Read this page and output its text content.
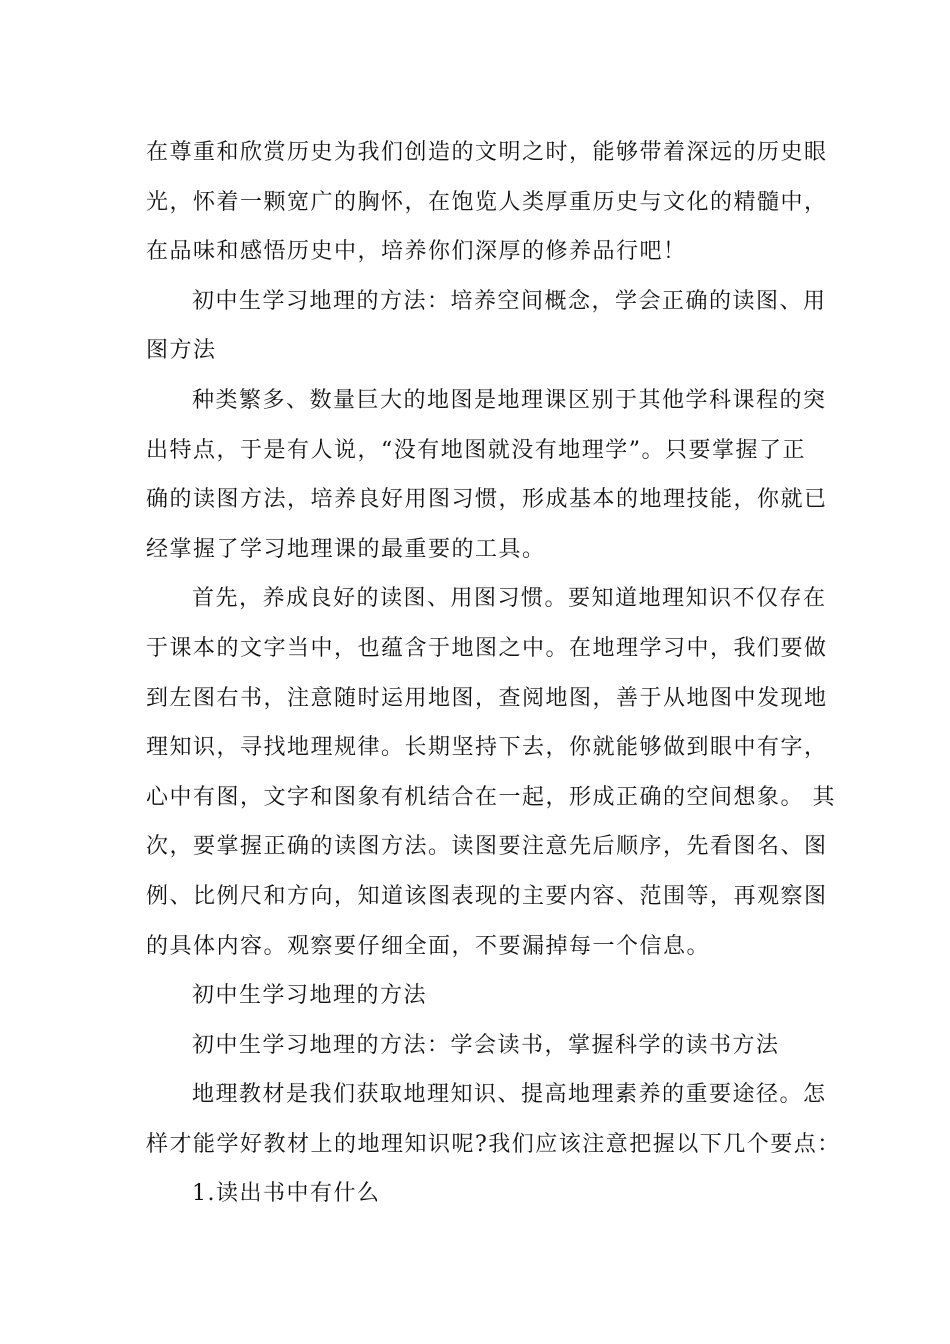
在尊重和欣赏历史为我们创造的文明之时，能够带着深远的历史眼
光，怀着一颗宽广的胸怀，在饱览人类厚重历史与文化的精髓中，
在品味和感悟历史中，培养你们深厚的修养品行吧！

初中生学习地理的方法：培养空间概念，学会正确的读图、用
图方法

种类繁多、数量巨大的地图是地理课区别于其他学科课程的突
出特点，于是有人说，“没有地图就没有地理学”。只要掌握了正
确的读图方法，培养良好用图习惯，形成基本的地理技能，你就已
经掌握了学习地理课的最重要的工具。

首先，养成良好的读图、用图习惯。要知道地理知识不仅存在
于课本的文字当中，也蕴含于地图之中。在地理学习中，我们要做
到左图右书，注意随时运用地图，查阅地图，善于从地图中发现地
理知识，寻找地理规律。长期坚持下去，你就能够做到眼中有字，
心中有图，文字和图象有机结合在一起，形成正确的空间想象。 其
次，要掌握正确的读图方法。读图要注意先后顺序，先看图名、图
例、比例尺和方向，知道该图表现的主要内容、范围等，再观察图
的具体内容。观察要仔细全面，不要漏掉每一个信息。

初中生学习地理的方法

初中生学习地理的方法：学会读书，掌握科学的读书方法

地理教材是我们获取地理知识、提高地理素养的重要途径。怎
样才能学好教材上的地理知识呢?我们应该注意把握以下几个要点：

1.读出书中有什么
